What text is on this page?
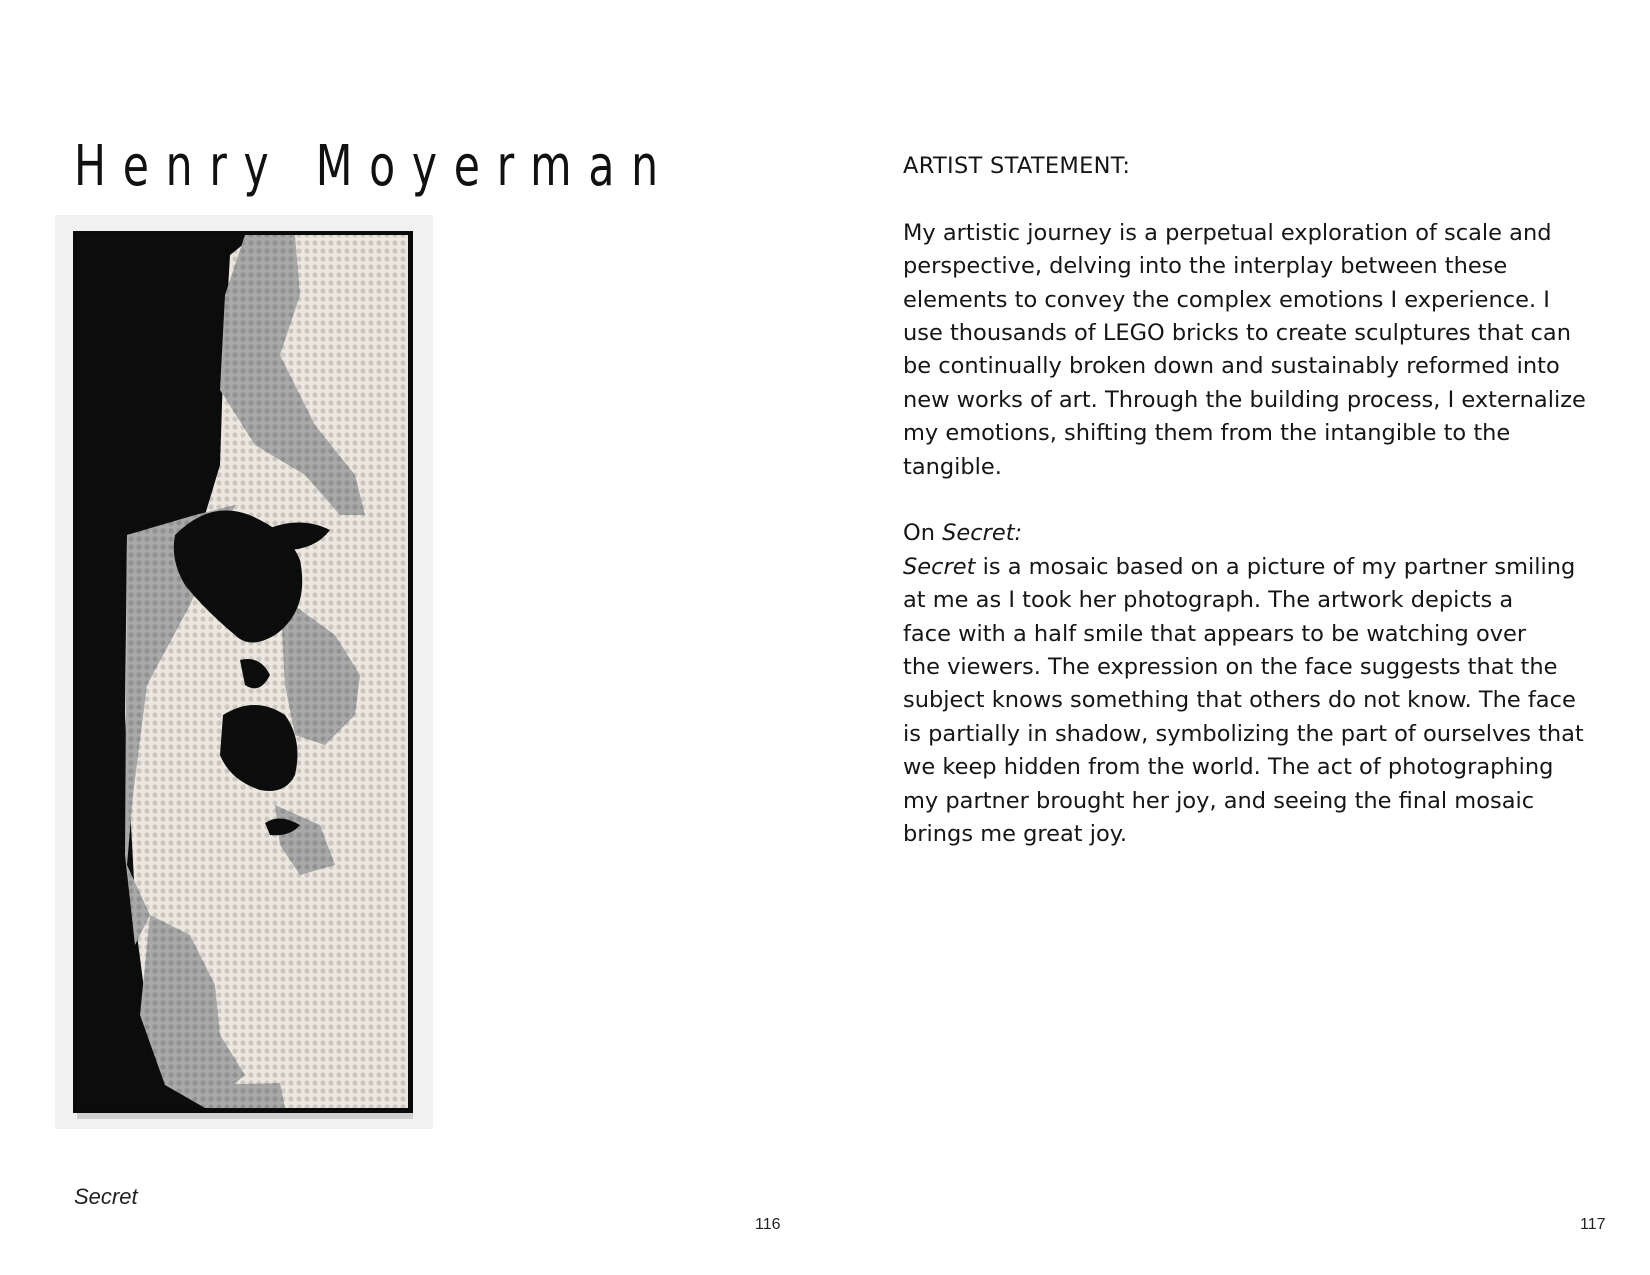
Henry Moyerman
Secret
116
ARTIST STATEMENT:
My artistic journey is a perpetual exploration of scale and
perspective, delving into the interplay between these
elements to convey the complex emotions I experience. I
use thousands of LEGO bricks to create sculptures that can
be continually broken down and sustainably reformed into
new works of art. Through the building process, I externalize
my emotions, shifting them from the intangible to the
tangible.
On Secret:
Secret is a mosaic based on a picture of my partner smiling
at me as I took her photograph. The artwork depicts a
face with a half smile that appears to be watching over
the viewers. The expression on the face suggests that the
subject knows something that others do not know. The face
is partially in shadow, symbolizing the part of ourselves that
we keep hidden from the world. The act of photographing
my partner brought her joy, and seeing the final mosaic
brings me great joy.
117
